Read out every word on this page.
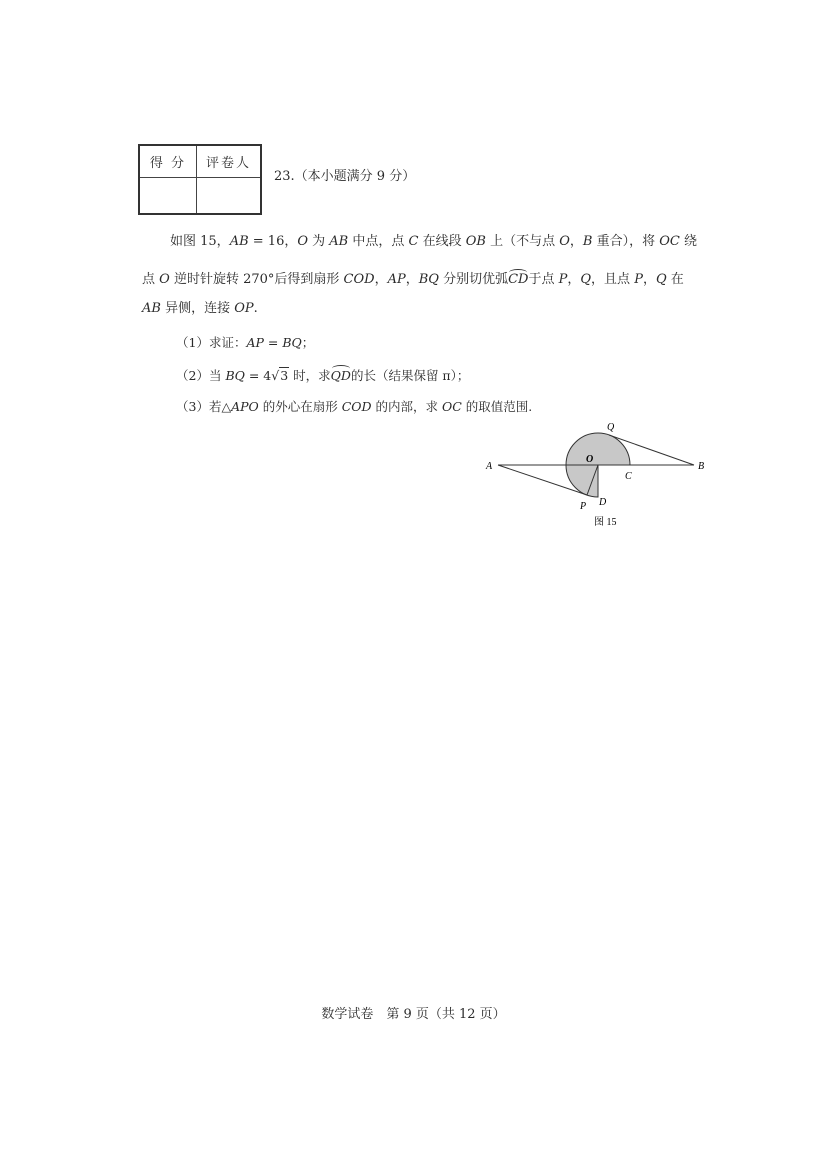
得 分	评卷人
23.（本小题满分 9 分）
如图 15，AB = 16，O 为 AB 中点，点 C 在线段 OB 上（不与点 O，B 重合），将 OC 绕
点 O 逆时针旋转 270°后得到扇形 COD，AP，BQ 分别切优弧CD于点 P，Q，且点 P，Q 在
AB 异侧，连接 OP.
（1）求证：AP = BQ；
（2）当 BQ = 4√3 时，求QD的长（结果保留 π）；
（3）若△APO 的外心在扇形 COD 的内部，求 OC 的取值范围.
A	B
O
C
D
P
Q
图 15
数学试卷　第 9 页（共 12 页）
